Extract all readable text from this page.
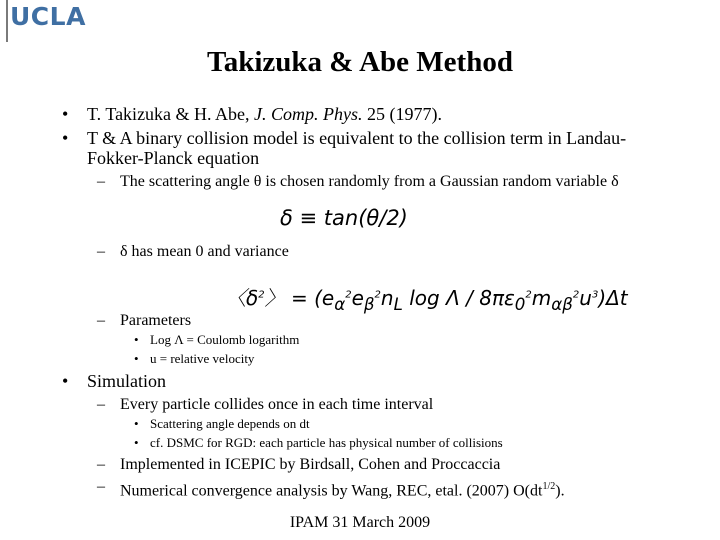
UCLA
Takizuka & Abe Method
• T. Takizuka & H. Abe, J. Comp. Phys. 25 (1977).
• T & A binary collision model is equivalent to the collision term in Landau-
Fokker-Planck equation
– The scattering angle θ is chosen randomly from a Gaussian random variable δ
δ ≡ tan(θ/2)
– δ has mean 0 and variance
〈$\delta^2$〉 = ($e_\alpha^2e_\beta^2n_L$ log Λ / $8\pi\varepsilon_0^2m_{\alpha\beta}^2u^3)\Delta t$
– Parameters
• Log Λ = Coulomb logarithm
• u = relative velocity
• Simulation
– Every particle collides once in each time interval
• Scattering angle depends on dt
• cf. DSMC for RGD: each particle has physical number of collisions
– Implemented in ICEPIC by Birdsall, Cohen and Proccaccia
– Numerical convergence analysis by Wang, REC, etal. (2007) $O(dt^{1/2})$.
IPAM 31 March 2009
